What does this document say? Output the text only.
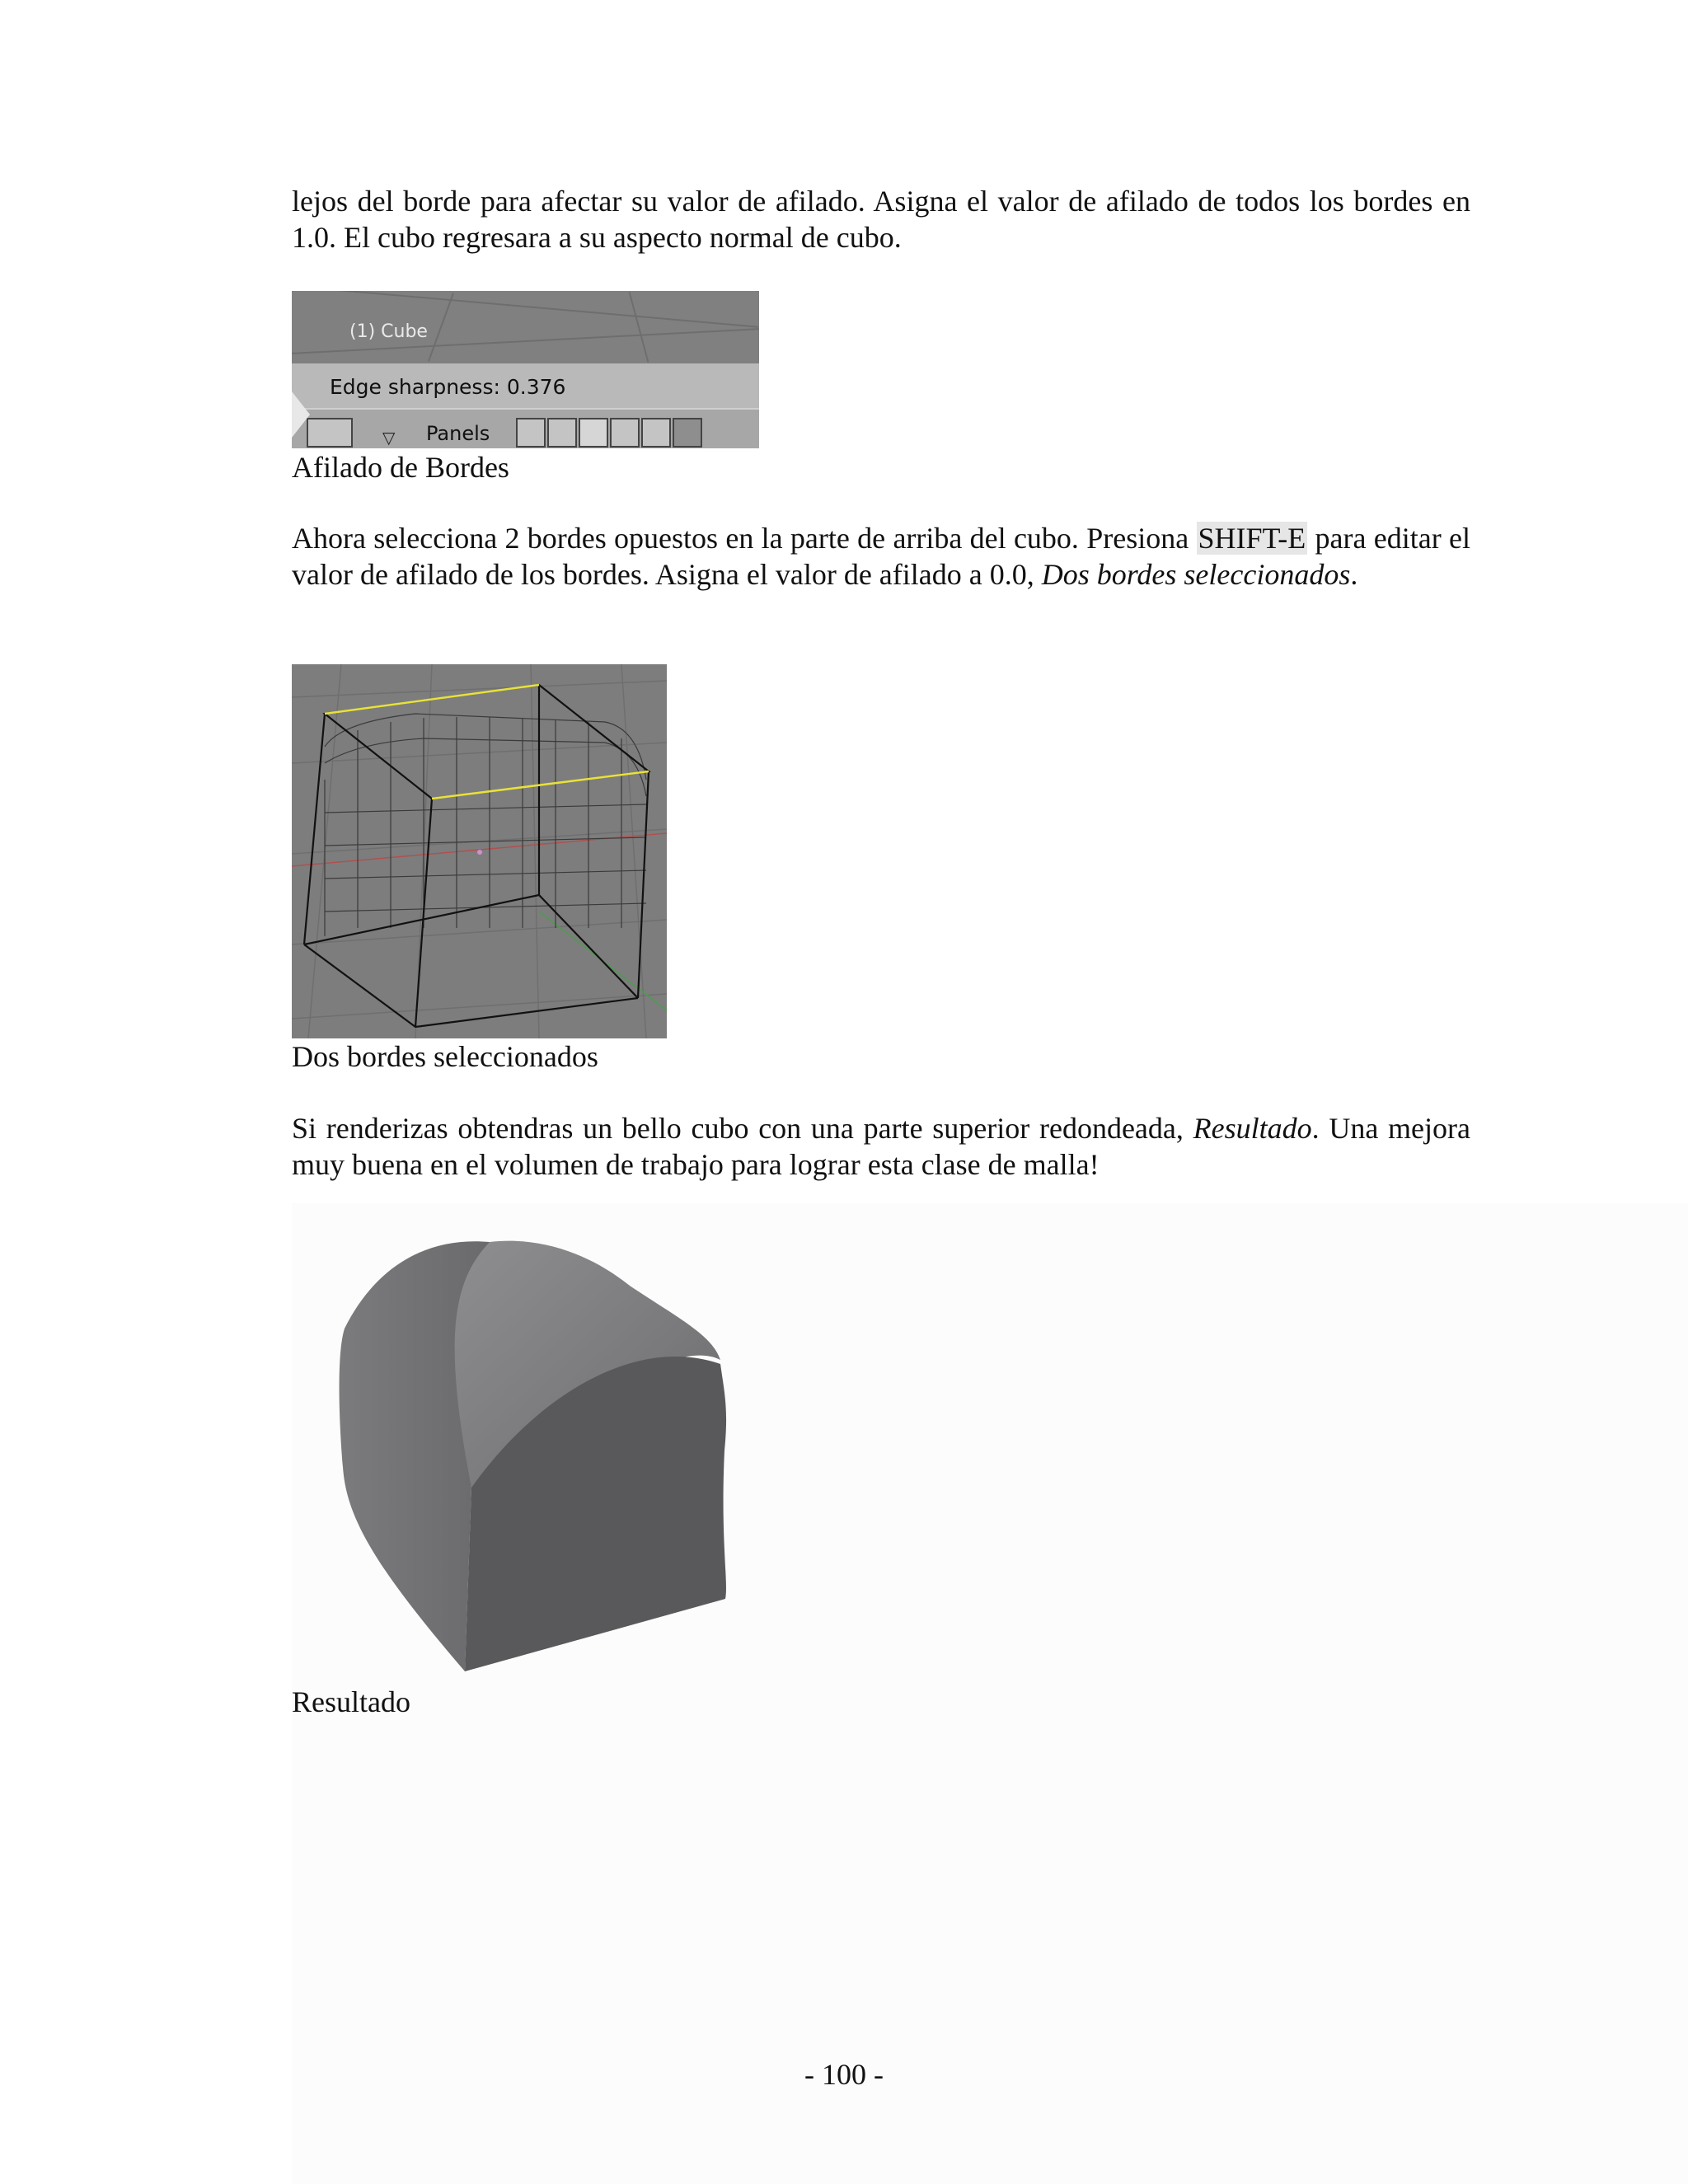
lejos del borde para afectar su valor de afilado. Asigna el valor de afilado de todos los bordes en 1.0. El cubo regresara a su aspecto normal de cubo.

(1) Cube
Edge sharpness: 0.376
▽ Panels

Afilado de Bordes

Ahora selecciona 2 bordes opuestos en la parte de arriba del cubo. Presiona SHIFT-E para editar el valor de afilado de los bordes. Asigna el valor de afilado a 0.0, Dos bordes seleccionados.

Dos bordes seleccionados

Si renderizas obtendras un bello cubo con una parte superior redondeada, Resultado. Una mejora muy buena en el volumen de trabajo para lograr esta clase de malla!

Resultado

- 100 -
